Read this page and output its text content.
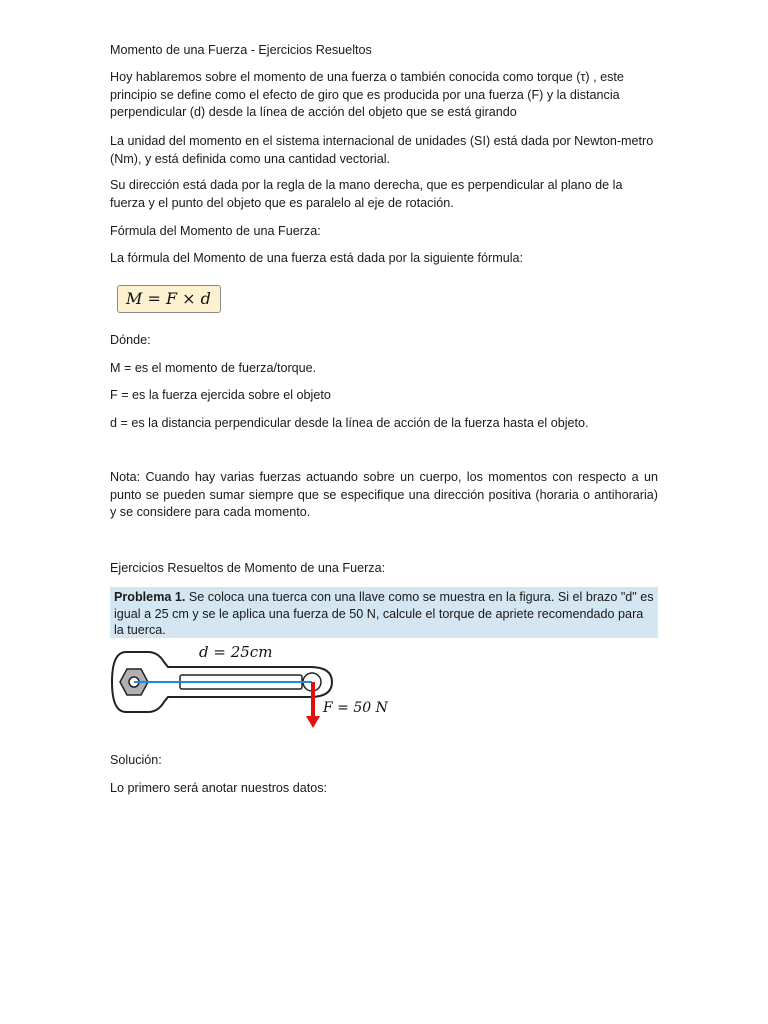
Momento de una Fuerza - Ejercicios Resueltos

Hoy hablaremos sobre el momento de una fuerza o también conocida como torque (τ) , este principio se define como el efecto de giro que es producida por una fuerza (F) y la distancia perpendicular (d) desde la línea de acción del objeto que se está girando

La unidad del momento en el sistema internacional de unidades (SI) está dada por Newton-metro (Nm), y está definida como una cantidad vectorial.

Su dirección está dada por la regla de la mano derecha, que es perpendicular al plano de la fuerza y el punto del objeto que es paralelo al eje de rotación.

Fórmula del Momento de una Fuerza:

La fórmula del Momento de una fuerza está dada por la siguiente fórmula:

M = F × d

Dónde:

M = es el momento de fuerza/torque.

F = es la fuerza ejercida sobre el objeto

d = es la distancia perpendicular desde la línea de acción de la fuerza hasta el objeto.

Nota: Cuando hay varias fuerzas actuando sobre un cuerpo, los momentos con respecto a un punto se pueden sumar siempre que se especifique una dirección positiva (horaria o antihoraria) y se considere para cada momento.

Ejercicios Resueltos de Momento de una Fuerza:

Problema 1. Se coloca una tuerca con una llave como se muestra en la figura. Si el brazo "d" es igual a 25 cm y se le aplica una fuerza de 50 N, calcule el torque de apriete recomendado para la tuerca.
d = 25cm
F = 50 N

Solución:

Lo primero será anotar nuestros datos:
